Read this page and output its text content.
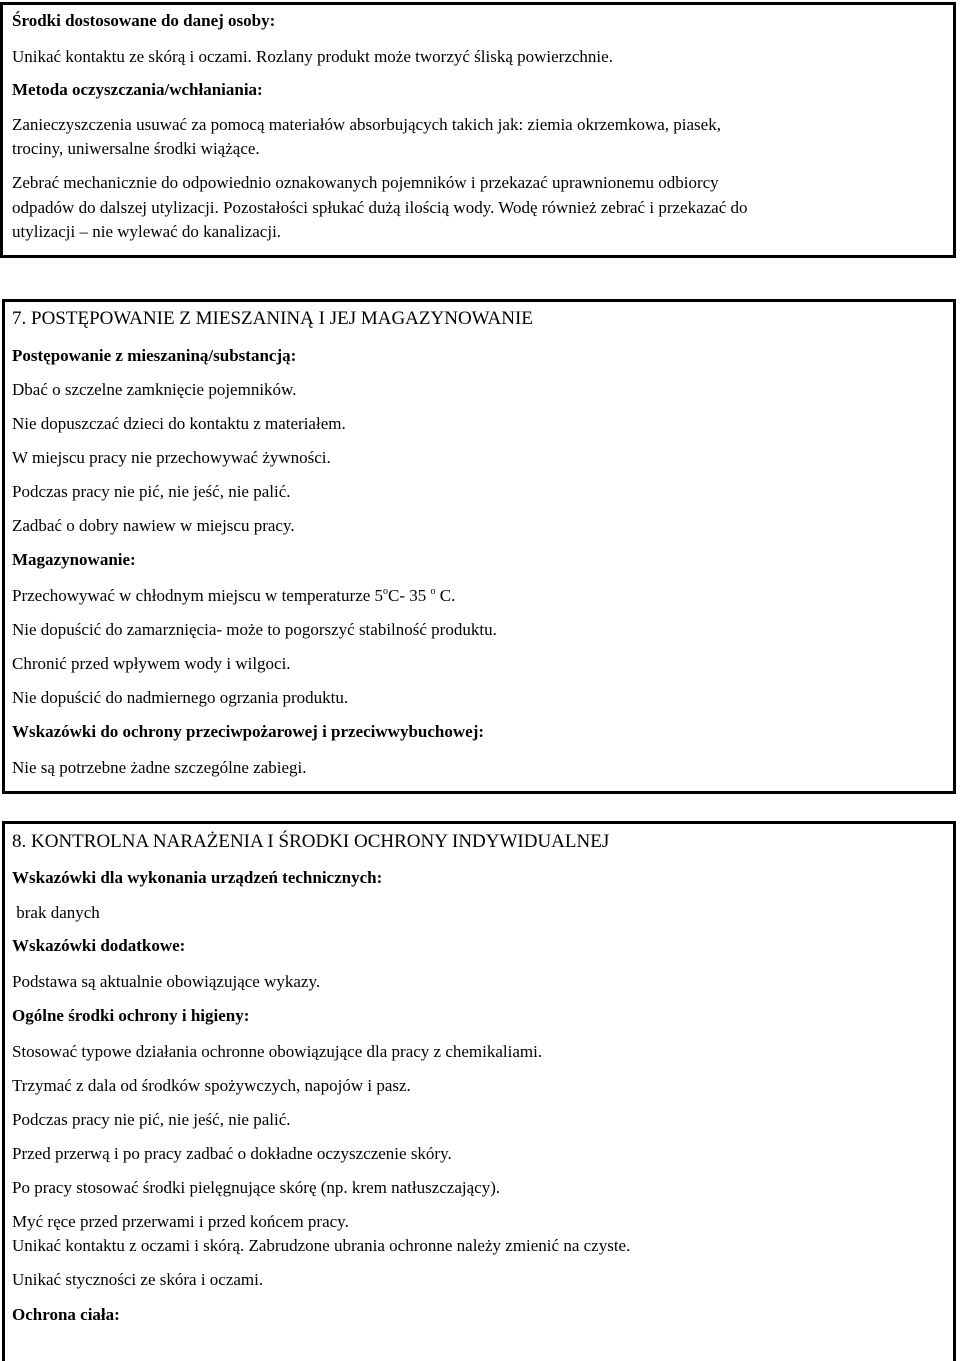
Środki dostosowane do danej osoby:
Unikać kontaktu ze skórą i oczami. Rozlany produkt może tworzyć śliską powierzchnie.
Metoda oczyszczania/wchłaniania:
Zanieczyszczenia usuwać za pomocą materiałów absorbujących takich jak: ziemia okrzemkowa, piasek,
trociny, uniwersalne środki wiążące.
Zebrać mechanicznie do odpowiednio oznakowanych pojemników i przekazać uprawnionemu odbiorcy
odpadów do dalszej utylizacji. Pozostałości spłukać dużą ilością wody. Wodę również zebrać i przekazać do
utylizacji – nie wylewać do kanalizacji.
7. POSTĘPOWANIE Z MIESZANINĄ I JEJ MAGAZYNOWANIE
Postępowanie z mieszaniną/substancją:
Dbać o szczelne zamknięcie pojemników.
Nie dopuszczać dzieci do kontaktu z materiałem.
W miejscu pracy nie przechowywać żywności.
Podczas pracy nie pić, nie jeść, nie palić.
Zadbać o dobry nawiew w miejscu pracy.
Magazynowanie:
Przechowywać w chłodnym miejscu w temperaturze 5$^o$C- 35 $^o$ C.
Nie dopuścić do zamarznięcia- może to pogorszyć stabilność produktu.
Chronić przed wpływem wody i wilgoci.
Nie dopuścić do nadmiernego ogrzania produktu.
Wskazówki do ochrony przeciwpożarowej i przeciwwybuchowej:
Nie są potrzebne żadne szczególne zabiegi.
8. KONTROLNA NARAŻENIA I ŚRODKI OCHRONY INDYWIDUALNEJ
Wskazówki dla wykonania urządzeń technicznych:
brak danych
Wskazówki dodatkowe:
Podstawa są aktualnie obowiązujące wykazy.
Ogólne środki ochrony i higieny:
Stosować typowe działania ochronne obowiązujące dla pracy z chemikaliami.
Trzymać z dala od środków spożywczych, napojów i pasz.
Podczas pracy nie pić, nie jeść, nie palić.
Przed przerwą i po pracy zadbać o dokładne oczyszczenie skóry.
Po pracy stosować środki pielęgnujące skórę (np. krem natłuszczający).
Myć ręce przed przerwami i przed końcem pracy.
Unikać kontaktu z oczami i skórą. Zabrudzone ubrania ochronne należy zmienić na czyste.
Unikać styczności ze skóra i oczami.
Ochrona ciała:
